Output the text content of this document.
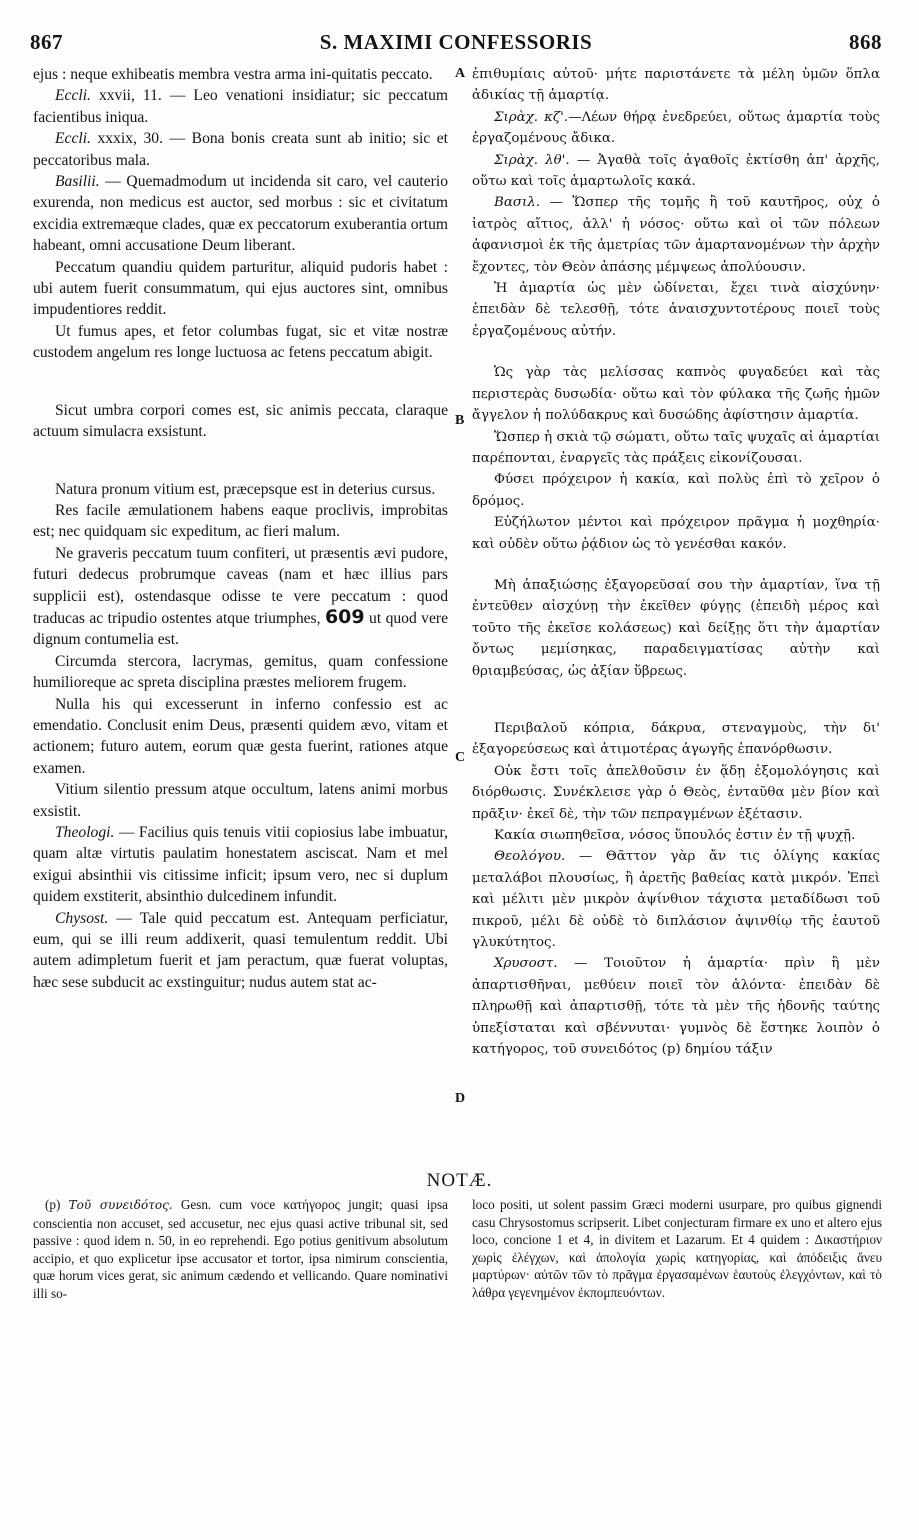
867	S. MAXIMI CONFESSORIS	868
A
B
C
D

ejus : neque exhibeatis membra vestra arma ini-quitatis peccato.

Eccli. xxvii, 11. — Leo venationi insidiatur; sic peccatum facientibus iniqua.

Eccli. xxxix, 30. — Bona bonis creata sunt ab initio; sic et peccatoribus mala.

Basilii. — Quemadmodum ut incidenda sit caro, vel cauterio exurenda, non medicus est auctor, sed morbus : sic et civitatum excidia extremæque clades, quæ ex peccatorum exuberantia ortum habeant, omni accusatione Deum liberant.

Peccatum quandiu quidem parturitur, aliquid pudoris habet : ubi autem fuerit consummatum, qui ejus auctores sint, omnibus impudentiores reddit.

Ut fumus apes, et fetor columbas fugat, sic et vitæ nostræ custodem angelum res longe luctuosa ac fetens peccatum abigit.

Sicut umbra corpori comes est, sic animis peccata, claraque actuum simulacra exsistunt.

Natura pronum vitium est, præcepsque est in deterius cursus.

Res facile æmulationem habens eaque proclivis, improbitas est; nec quidquam sic expeditum, ac fieri malum.

Ne graveris peccatum tuum confiteri, ut præsentis ævi pudore, futuri dedecus probrumque caveas (nam et hæc illius pars supplicii est), ostendasque odisse te vere peccatum : quod traducas ac tripudio ostentes atque triumphes, 609 ut quod vere dignum contumelia est.

Circumda stercora, lacrymas, gemitus, quam confessione humilioreque ac spreta disciplina præstes meliorem frugem.

Nulla his qui excesserunt in inferno confessio est ac emendatio. Conclusit enim Deus, præsenti quidem ævo, vitam et actionem; futuro autem, eorum quæ gesta fuerint, rationes atque examen.

Vitium silentio pressum atque occultum, latens animi morbus exsistit.

Theologi. — Facilius quis tenuis vitii copiosius labe imbuatur, quam altæ virtutis paulatim honestatem asciscat. Nam et mel exigui absinthii vis citissime inficit; ipsum vero, nec si duplum quidem exstiterit, absinthio dulcedinem infundit.

Chysost. — Tale quid peccatum est. Antequam perficiatur, eum, qui se illi reum addixerit, quasi temulentum reddit. Ubi autem adimpletum fuerit et jam peractum, quæ fuerat voluptas, hæc sese subducit ac exstinguitur; nudus autem stat ac-

ἐπιθυμίαις αὐτοῦ· μήτε παριστάνετε τὰ μέλη ὑμῶν ὅπλα ἀδικίας τῇ ἁμαρτίᾳ.

Σιρὰχ. κζ'.—Λέων θήρᾳ ἐνεδρεύει, οὕτως ἁμαρτία τοὺς ἐργαζομένους ἄδικα.

Σιρὰχ. λθ'. — Ἀγαθὰ τοῖς ἀγαθοῖς ἐκτίσθη ἀπ' ἀρχῆς, οὕτω καὶ τοῖς ἁμαρτωλοῖς κακά.

Βασιλ. — Ὥσπερ τῆς τομῆς ἢ τοῦ καυτῆρος, οὐχ ὁ ἰατρὸς αἴτιος, ἀλλ' ἡ νόσος· οὕτω καὶ οἱ τῶν πόλεων ἀφανισμοὶ ἐκ τῆς ἀμετρίας τῶν ἁμαρτανομένων τὴν ἀρχὴν ἔχοντες, τὸν Θεὸν ἀπάσης μέμψεως ἀπολύουσιν.

Ἡ ἁμαρτία ὡς μὲν ὠδίνεται, ἔχει τινὰ αἰσχύνην· ἐπειδὰν δὲ τελεσθῇ, τότε ἀναισχυντοτέρους ποιεῖ τοὺς ἐργαζομένους αὐτήν.

Ὡς γὰρ τὰς μελίσσας καπνὸς φυγαδεύει καὶ τὰς περιστερὰς δυσωδία· οὕτω καὶ τὸν φύλακα τῆς ζωῆς ἡμῶν ἄγγελον ἡ πολύδακρυς καὶ δυσώδης ἀφίστησιν ἁμαρτία.

Ὥσπερ ἡ σκιὰ τῷ σώματι, οὕτω ταῖς ψυχαῖς αἱ ἁμαρτίαι παρέπονται, ἐναργεῖς τὰς πράξεις εἰκονίζουσαι.

Φύσει πρόχειρον ἡ κακία, καὶ πολὺς ἐπὶ τὸ χεῖρον ὁ δρόμος.

Εὐζήλωτον μέντοι καὶ πρόχειρον πρᾶγμα ἡ μοχθηρία· καὶ οὐδὲν οὕτω ῥᾴδιον ὡς τὸ γενέσθαι κακόν.

Μὴ ἀπαξιώσῃς ἐξαγορεῦσαί σου τὴν ἁμαρτίαν, ἵνα τῇ ἐντεῦθεν αἰσχύνῃ τὴν ἐκεῖθεν φύγῃς (ἐπειδὴ μέρος καὶ τοῦτο τῆς ἐκεῖσε κολάσεως) καὶ δείξῃς ὅτι τὴν ἁμαρτίαν ὄντως μεμίσηκας, παραδειγματίσας αὐτὴν καὶ θριαμβεύσας, ὡς ἀξίαν ὕβρεως.

Περιβαλοῦ κόπρια, δάκρυα, στεναγμοὺς, τὴν δι' ἐξαγορεύσεως καὶ ἀτιμοτέρας ἀγωγῆς ἐπανόρθωσιν.

Οὐκ ἔστι τοῖς ἀπελθοῦσιν ἐν ᾅδῃ ἐξομολόγησις καὶ διόρθωσις. Συνέκλεισε γὰρ ὁ Θεὸς, ἐνταῦθα μὲν βίον καὶ πρᾶξιν· ἐκεῖ δὲ, τὴν τῶν πεπραγμένων ἐξέτασιν.

Κακία σιωπηθεῖσα, νόσος ὕπουλός ἐστιν ἐν τῇ ψυχῇ.

Θεολόγου. — Θᾶττον γὰρ ἄν τις ὀλίγης κακίας μεταλάβοι πλουσίως, ἢ ἀρετῆς βαθείας κατὰ μικρόν. Ἐπεὶ καὶ μέλιτι μὲν μικρὸν ἀψίνθιον τάχιστα μεταδίδωσι τοῦ πικροῦ, μέλι δὲ οὐδὲ τὸ διπλάσιον ἀψινθίῳ τῆς ἑαυτοῦ γλυκύτητος.

Χρυσοστ. — Τοιοῦτον ἡ ἁμαρτία· πρὶν ἢ μὲν ἀπαρτισθῆναι, μεθύειν ποιεῖ τὸν ἁλόντα· ἐπειδὰν δὲ πληρωθῇ καὶ ἀπαρτισθῇ, τότε τὰ μὲν τῆς ἡδονῆς ταύτης ὑπεξίσταται καὶ σβέννυται· γυμνὸς δὲ ἕστηκε λοιπὸν ὁ κατήγορος, τοῦ συνειδότος (p) δημίου τάξιν

NOTÆ.

(p) Τοῦ συνειδότος. Gesn. cum voce κατήγορος jungit; quasi ipsa conscientia non accuset, sed accusetur, nec ejus quasi active tribunal sit, sed passive : quod idem n. 50, in eo reprehendi. Ego potius genitivum absolutum accipio, et quo explicetur ipse accusator et tortor, ipsa nimirum conscientia, quæ horum vices gerat, sic animum cædendo et vellicando. Quare nominativi illi so-

loco positi, ut solent passim Græci moderni usurpare, pro quibus gignendi casu Chrysostomus scripserit. Libet conjecturam firmare ex uno et altero ejus loco, concione 1 et 4, in divitem et Lazarum. Et 4 quidem : Δικαστήριον χωρὶς ἐλέγχων, καὶ ἀπολογία χωρὶς κατηγορίας, καὶ ἀπόδειξις ἄνευ μαρτύρων· αὐτῶν τῶν τὸ πρᾶγμα ἐργασαμένων ἑαυτοὺς ἐλεγχόντων, καὶ τὸ λάθρα γεγενημένον ἐκπομπευόντων.
